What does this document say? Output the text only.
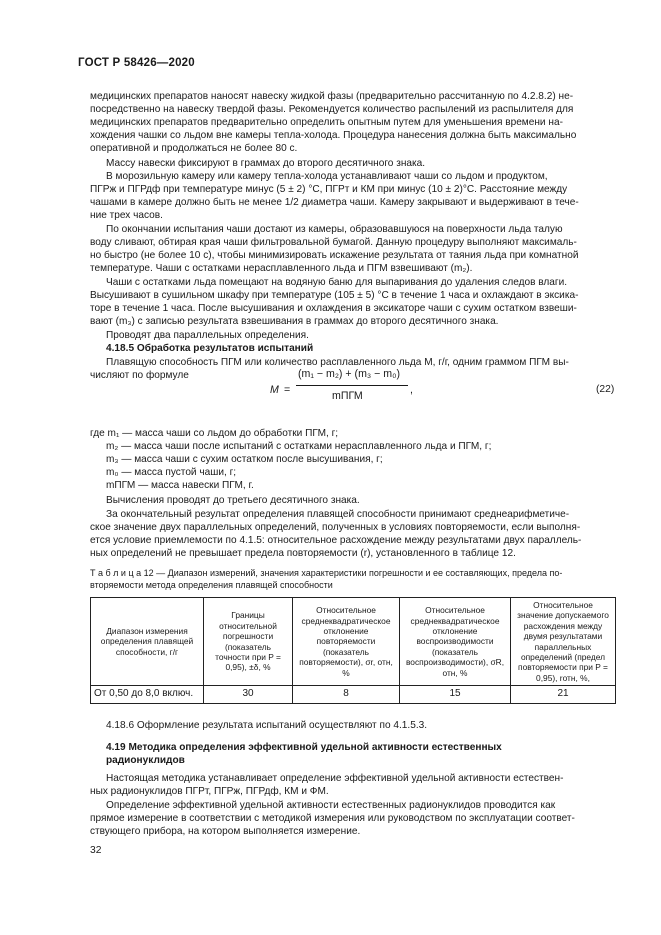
ГОСТ Р 58426—2020
медицинских препаратов наносят навеску жидкой фазы (предварительно рассчитанную по 4.2.8.2) не-
посредственно на навеску твердой фазы. Рекомендуется количество распылений из распылителя для
медицинских препаратов предварительно определить опытным путем для уменьшения времени на-
хождения чашки со льдом вне камеры тепла-холода. Процедура нанесения должна быть максимально
оперативной и продолжаться не более 80 с.
Массу навески фиксируют в граммах до второго десятичного знака.
В морозильную камеру или камеру тепла-холода устанавливают чаши со льдом и продуктом,
ПГРж и ПГРдф при температуре минус (5 ± 2) °С, ПГРт и КМ при минус (10 ± 2)°С. Расстояние между
чашами в камере должно быть не менее 1/2 диаметра чаши. Камеру закрывают и выдерживают в тече-
ние трех часов.
По окончании испытания чаши достают из камеры, образовавшуюся на поверхности льда талую
воду сливают, обтирая края чаши фильтровальной бумагой. Данную процедуру выполняют максималь-
но быстро (не более 10 с), чтобы минимизировать искажение результата от таяния льда при комнатной
температуре. Чаши с остатками нерасплавленного льда и ПГМ взвешивают (m₂).
Чаши с остатками льда помещают на водяную баню для выпаривания до удаления следов влаги.
Высушивают в сушильном шкафу при температуре (105 ± 5) °С в течение 1 часа и охлаждают в эксика-
торе в течение 1 часа. После высушивания и охлаждения в эксикаторе чаши с сухим остатком взвеши-
вают (m₃) с записью результата взвешивания в граммах до второго десятичного знака.
Проводят два параллельных определения.
4.18.5 Обработка результатов испытаний
Плавящую способность ПГМ или количество расплавленного льда M, г/г, одним граммом ПГМ вы-
числяют по формуле
M =
(m₁ − m₂) + (m₃ − m₀)
mПГМ	,	(22)
где m₁ — масса чаши со льдом до обработки ПГМ, г;
m₂ — масса чаши после испытаний с остатками нерасплавленного льда и ПГМ, г;
m₃ — масса чаши с сухим остатком после высушивания, г;
m₀ — масса пустой чаши, г;
mПГМ — масса навески ПГМ, г.
Вычисления проводят до третьего десятичного знака.
За окончательный результат определения плавящей способности принимают среднеарифметиче-
ское значение двух параллельных определений, полученных в условиях повторяемости, если выполня-
ется условие приемлемости по 4.1.5: относительное расхождение между результатами двух параллель-
ных определений не превышает предела повторяемости (r), установленного в таблице 12.
Т а б л и ц а 12 — Диапазон измерений, значения характеристики погрешности и ее составляющих, предела по-
вторяемости метода определения плавящей способности
Диапазон измерения определения плавящей способности, г/г	Границы относительной погрешности (показатель точности при P = 0,95), ±δ, %	Относительное среднеквадратическое отклонение повторяемости (показатель повторяемости), σr, отн, %	Относительное среднеквадратическое отклонение воспроизводимости (показатель воспроизводимости), σR, отн, %	Относительное значение допускаемого расхождения между двумя результатами параллельных определений (предел повторяемости при P = 0,95), rотн, %,
От 0,50 до 8,0 включ.	30	8	15	21
4.18.6 Оформление результата испытаний осуществляют по 4.1.5.3.
4.19 Методика определения эффективной удельной активности естественных
радионуклидов
Настоящая методика устанавливает определение эффективной удельной активности естествен-
ных радионуклидов ПГРт, ПГРж, ПГРдф, КМ и ФМ.
Определение эффективной удельной активности естественных радионуклидов проводится как
прямое измерение в соответствии с методикой измерения или руководством по эксплуатации соответ-
ствующего прибора, на котором выполняется измерение.
32
